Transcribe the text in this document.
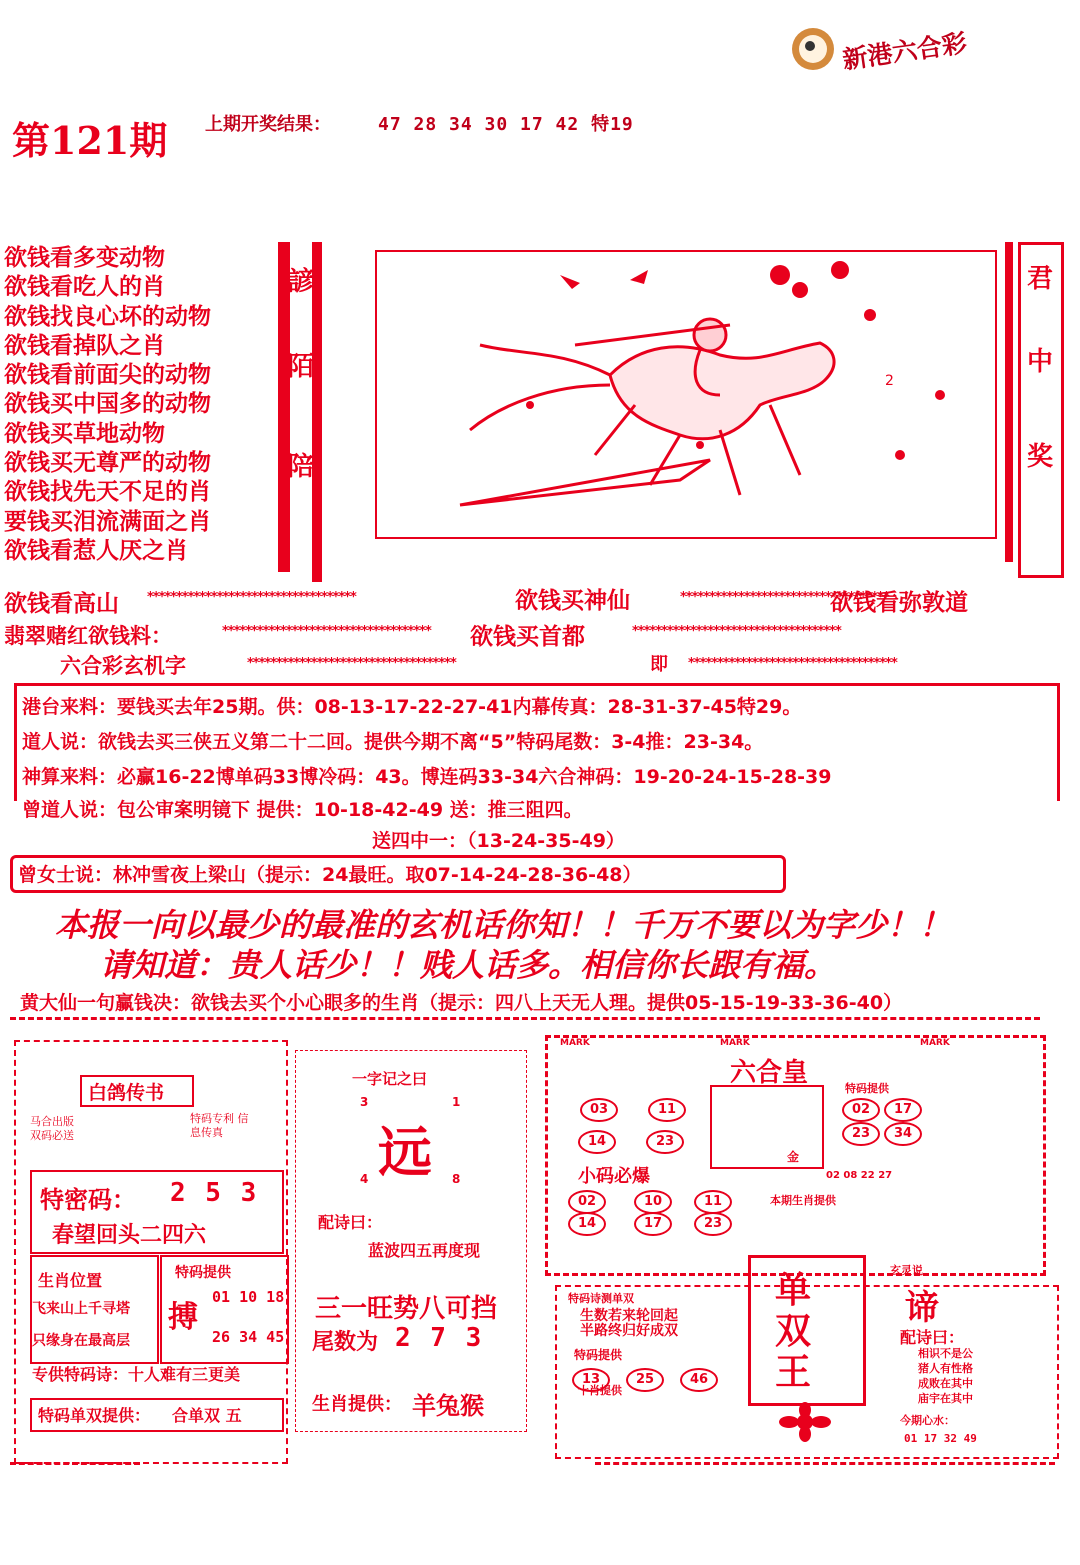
新港六合彩
第121期 上期开奖结果：	47 28 34 30 17 42 特19
欲钱看多变动物
欲钱看吃人的肖
欲钱找良心坏的动物
欲钱看掉队之肖
欲钱看前面尖的动物
欲钱买中国多的动物
欲钱买草地动物
欲钱买无尊严的动物
欲钱找先天不足的肖
要钱买泪流满面之肖
欲钱看惹人厌之肖
諺
陌
陪
2
君
中
奖
欲钱看高山 ************************************	欲钱买神仙	************************************
欲钱看弥敦道
翡翠赌红欲钱料：	************************************	欲钱买首都	************************************
六合彩玄机字	************************************	即 ************************************
港台来料：要钱买去年25期。供：08-13-17-22-27-41内幕传真：28-31-37-45特29。
道人说：欲钱去买三侠五义第二十二回。提供今期不离“5”特码尾数：3-4推：23-34。
神算来料：必赢16-22博单码33博冷码：43。博连码33-34六合神码：19-20-24-15-28-39
曾道人说：包公审案明镜下 提供：10-18-42-49 送：推三阻四。
送四中一：（13-24-35-49）
曾女士说：林冲雪夜上梁山（提示：24最旺。取07-14-24-28-36-48）
本报一向以最少的最准的玄机话你知！！千万不要以为字少！！
请知道：贵人话少！！贱人话多。相信你长跟有福。
黄大仙一句赢钱决：欲钱去买个小心眼多的生肖（提示：四八上天无人理。提供05-15-19-33-36-40）
白鸽传书
马合出版 双码必送
特码专利 信息传真
特密码： 2 5 3
春望回头二四六
生肖位置
飞来山上千寻塔
只缘身在最高层
特码提供
搏
01 10 18
26 34 45
专供特码诗：十人难有三更美
特码单双提供： 合单双 五
一字记之曰
3	1
远
4	8
配诗曰：
蓝波四五再度现
三一旺势八可挡
尾数为 2 7 3
生肖提供： 羊兔猴
MARK	MARK	MARK
六合皇
03	11
14	23
特码提供
02	17
23	34
小码必爆
金
02 08 22 27
02	10	11
14	17	23
本期生肖提供
特码诗测单双
生数若来轮回起
半路终归好成双
特码提供
13	25	46
十肖提供
单
双
王
玄灵说
谛
配诗曰：
相识不是公
猪人有性格
成败在其中
庙宇在其中
今期心水：
01 17 32 49
